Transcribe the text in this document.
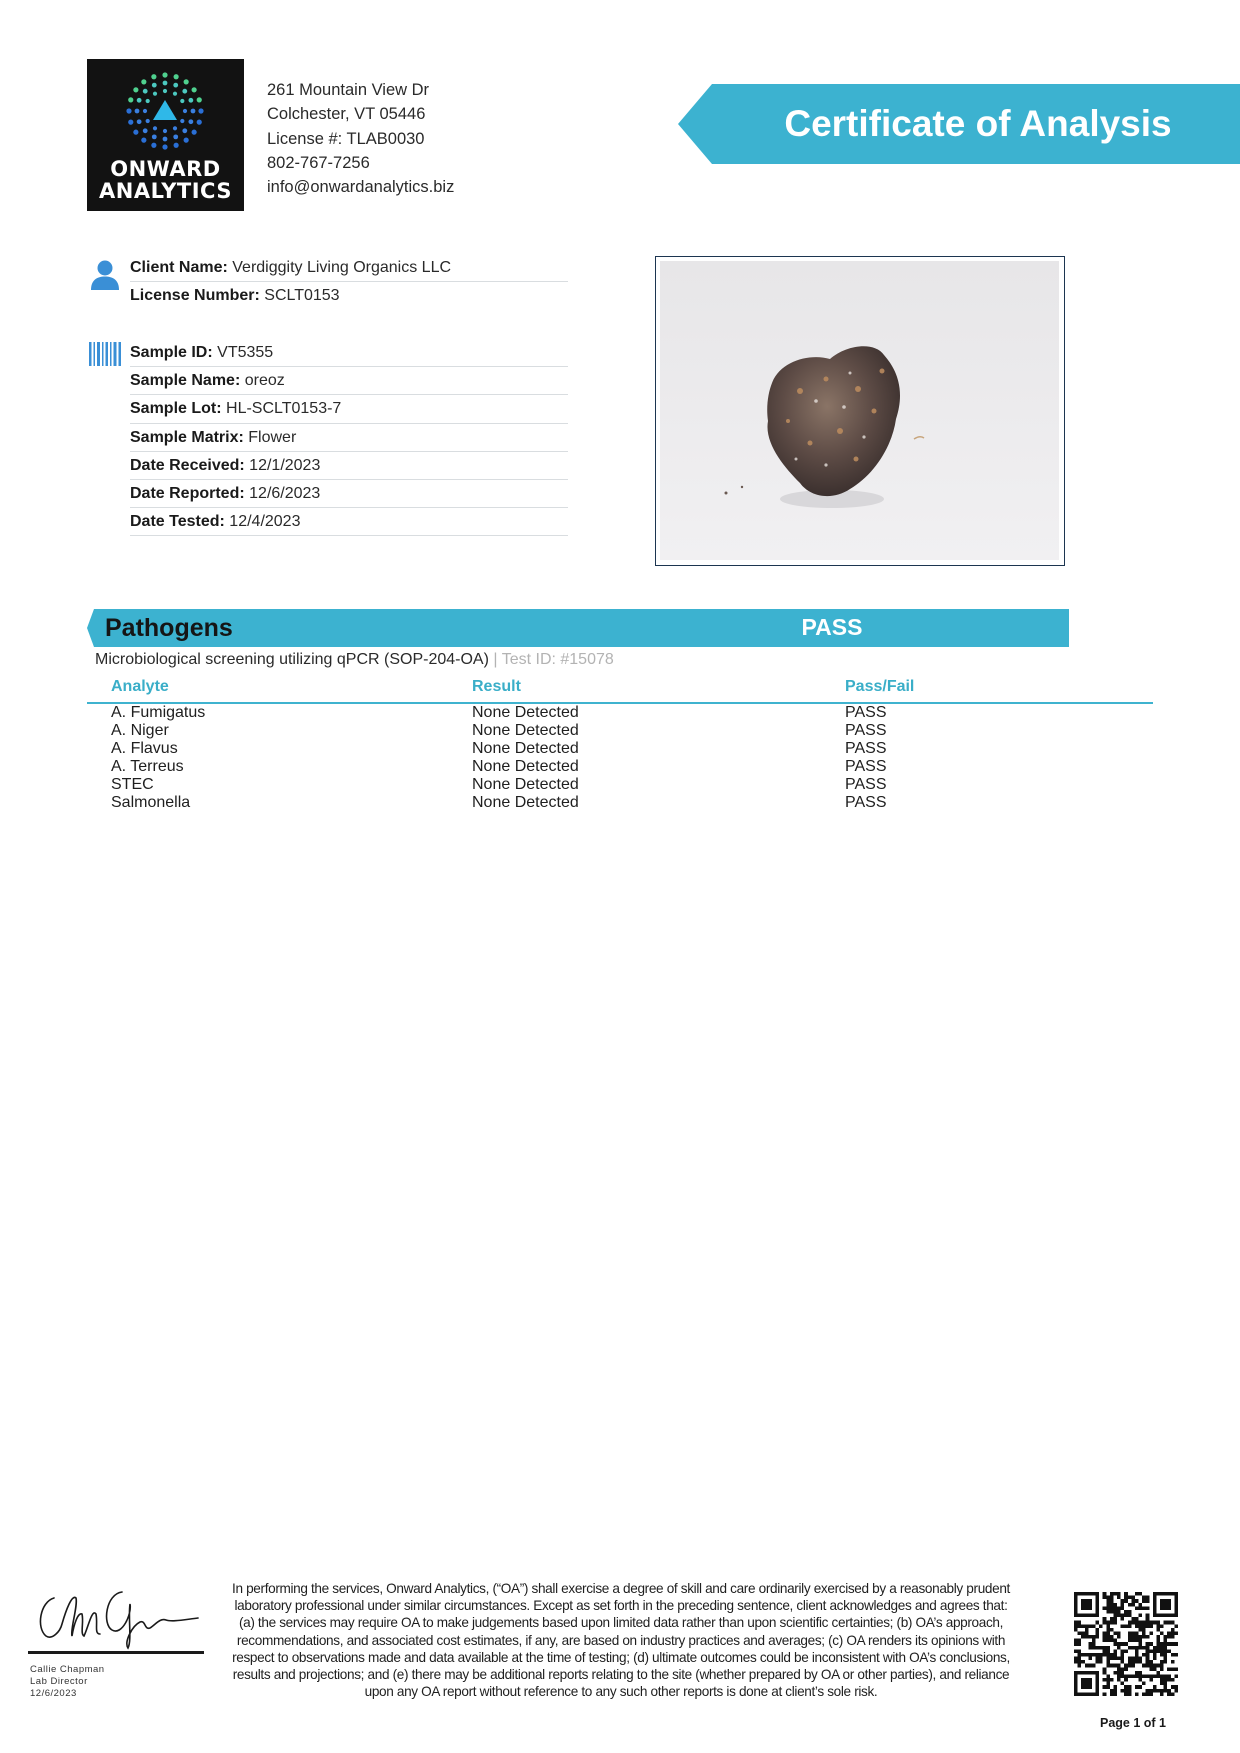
ONWARD
ANALYTICS
261 Mountain View Dr
Colchester, VT 05446
License #: TLAB0030
802-767-7256
info@onwardanalytics.biz
Certificate of Analysis
Client Name: Verdiggity Living Organics LLC
License Number: SCLT0153
Sample ID: VT5355
Sample Name: oreoz
Sample Lot: HL-SCLT0153-7
Sample Matrix: Flower
Date Received: 12/1/2023
Date Reported: 12/6/2023
Date Tested: 12/4/2023
Pathogens	PASS
Microbiological screening utilizing qPCR (SOP-204-OA) | Test ID: #15078
Analyte	Result	Pass/Fail
A. Fumigatus	None Detected	PASS
A. Niger	None Detected	PASS
A. Flavus	None Detected	PASS
A. Terreus	None Detected	PASS
STEC	None Detected	PASS
Salmonella	None Detected	PASS
Callie Chapman
Lab Director
12/6/2023
In performing the services, Onward Analytics, (“OA”) shall exercise a degree of skill and care ordinarily exercised by a reasonably prudent laboratory professional under similar circumstances. Except as set forth in the preceding sentence, client acknowledges and agrees that: (a) the services may require OA to make judgements based upon limited data rather than upon scientific certainties; (b) OA’s approach, recommendations, and associated cost estimates, if any, are based on industry practices and averages; (c) OA renders its opinions with respect to observations made and data available at the time of testing; (d) ultimate outcomes could be inconsistent with OA’s conclusions, results and projections; and (e) there may be additional reports relating to the site (whether prepared by OA or other parties), and reliance upon any OA report without reference to any such other reports is done at client’s sole risk.
Page 1 of 1
